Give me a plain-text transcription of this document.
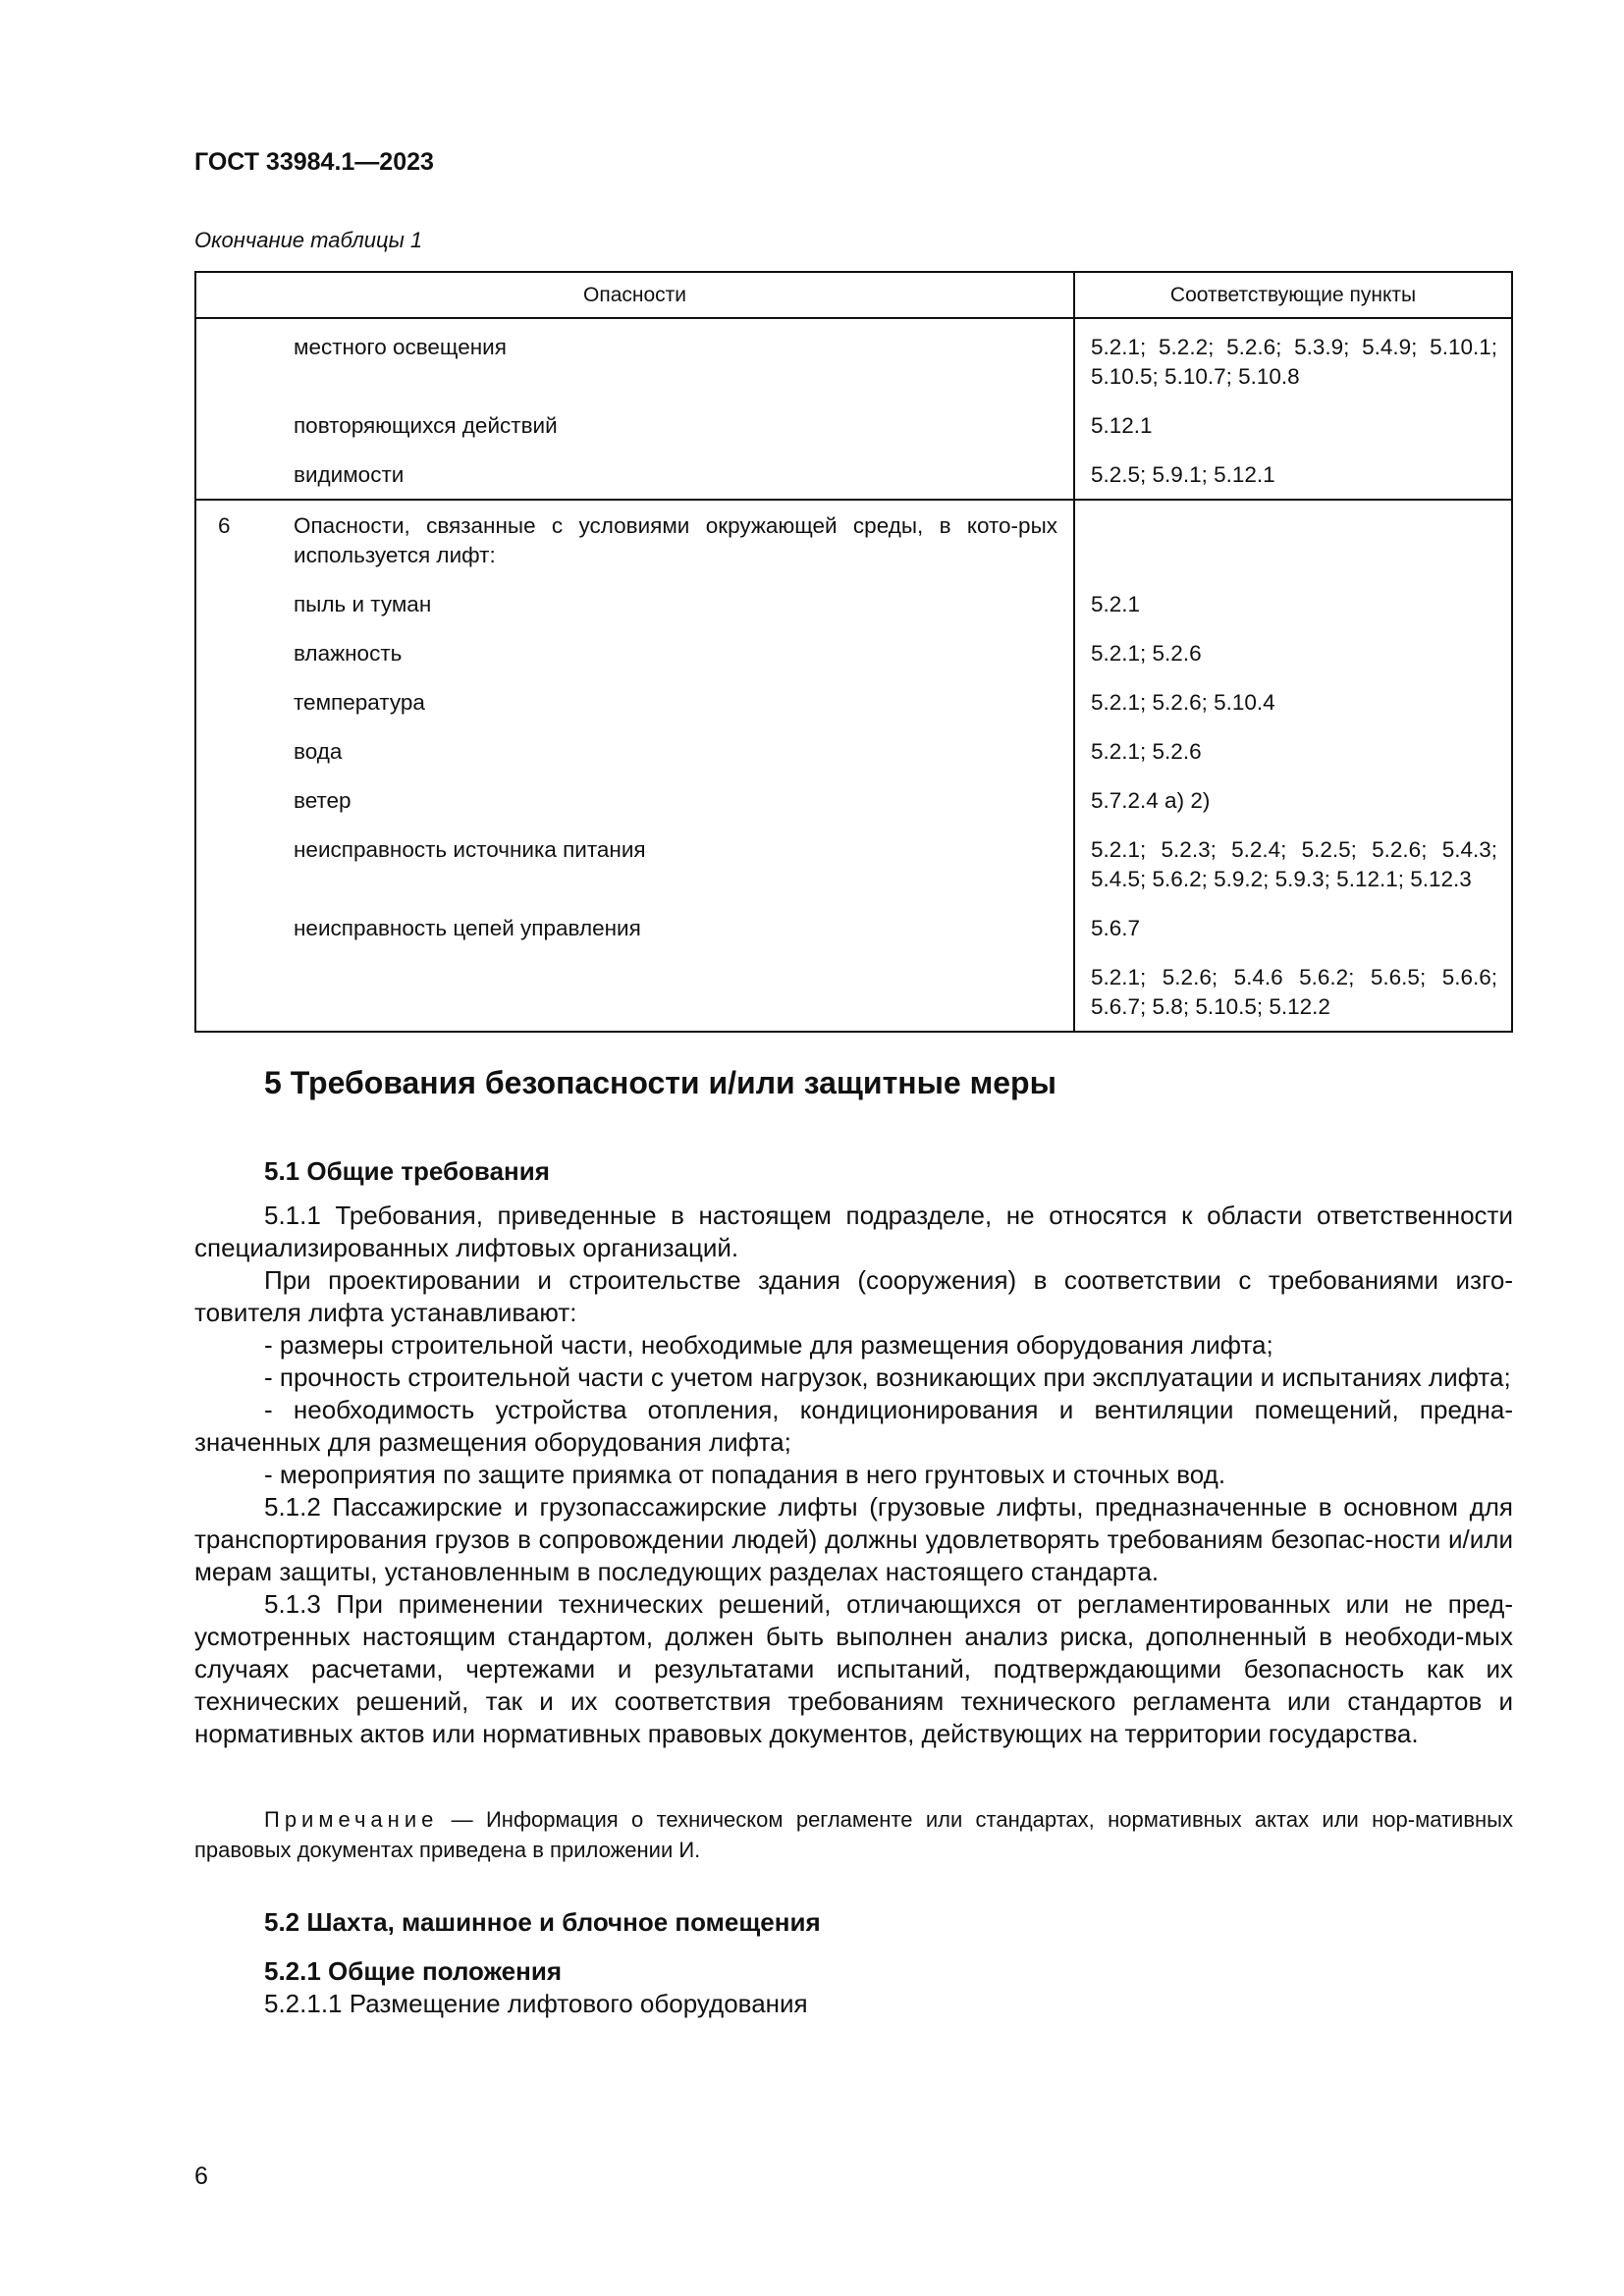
ГОСТ 33984.1—2023
Окончание таблицы 1
Опасности		Соответствующие пункты
	местного освещения	5.2.1; 5.2.2; 5.2.6; 5.3.9; 5.4.9; 5.10.1; 5.10.5; 5.10.7; 5.10.8
	повторяющихся действий	5.12.1
	видимости	5.2.5; 5.9.1; 5.12.1
6	Опасности, связанные с условиями окружающей среды, в кото-рых используется лифт:	
	пыль и туман	5.2.1
	влажность	5.2.1; 5.2.6
	температура	5.2.1; 5.2.6; 5.10.4
	вода	5.2.1; 5.2.6
	ветер	5.7.2.4 а) 2)
	неисправность источника питания	5.2.1; 5.2.3; 5.2.4; 5.2.5; 5.2.6; 5.4.3; 5.4.5; 5.6.2; 5.9.2; 5.9.3; 5.12.1; 5.12.3
	неисправность цепей управления	5.6.7
		5.2.1; 5.2.6; 5.4.6 5.6.2; 5.6.5; 5.6.6; 5.6.7; 5.8; 5.10.5; 5.12.2
5 Требования безопасности и/или защитные меры
5.1 Общие требования

5.1.1 Требования, приведенные в настоящем подразделе, не относятся к области ответственности специализированных лифтовых организаций.

При проектировании и строительстве здания (сооружения) в соответствии с требованиями изго-товителя лифта устанавливают:

- размеры строительной части, необходимые для размещения оборудования лифта;

- прочность строительной части с учетом нагрузок, возникающих при эксплуатации и испытаниях лифта;

- необходимость устройства отопления, кондиционирования и вентиляции помещений, предна-значенных для размещения оборудования лифта;

- мероприятия по защите приямка от попадания в него грунтовых и сточных вод.

5.1.2 Пассажирские и грузопассажирские лифты (грузовые лифты, предназначенные в основном для транспортирования грузов в сопровождении людей) должны удовлетворять требованиям безопас-ности и/или мерам защиты, установленным в последующих разделах настоящего стандарта.

5.1.3 При применении технических решений, отличающихся от регламентированных или не пред-усмотренных настоящим стандартом, должен быть выполнен анализ риска, дополненный в необходи-мых случаях расчетами, чертежами и результатами испытаний, подтверждающими безопасность как их технических решений, так и их соответствия требованиям технического регламента или стандартов и нормативных актов или нормативных правовых документов, действующих на территории государства.

Примечание — Информация о техническом регламенте или стандартах, нормативных актах или нор-мативных правовых документах приведена в приложении И.
5.2 Шахта, машинное и блочное помещения
5.2.1 Общие положения
5.2.1.1 Размещение лифтового оборудования
6
